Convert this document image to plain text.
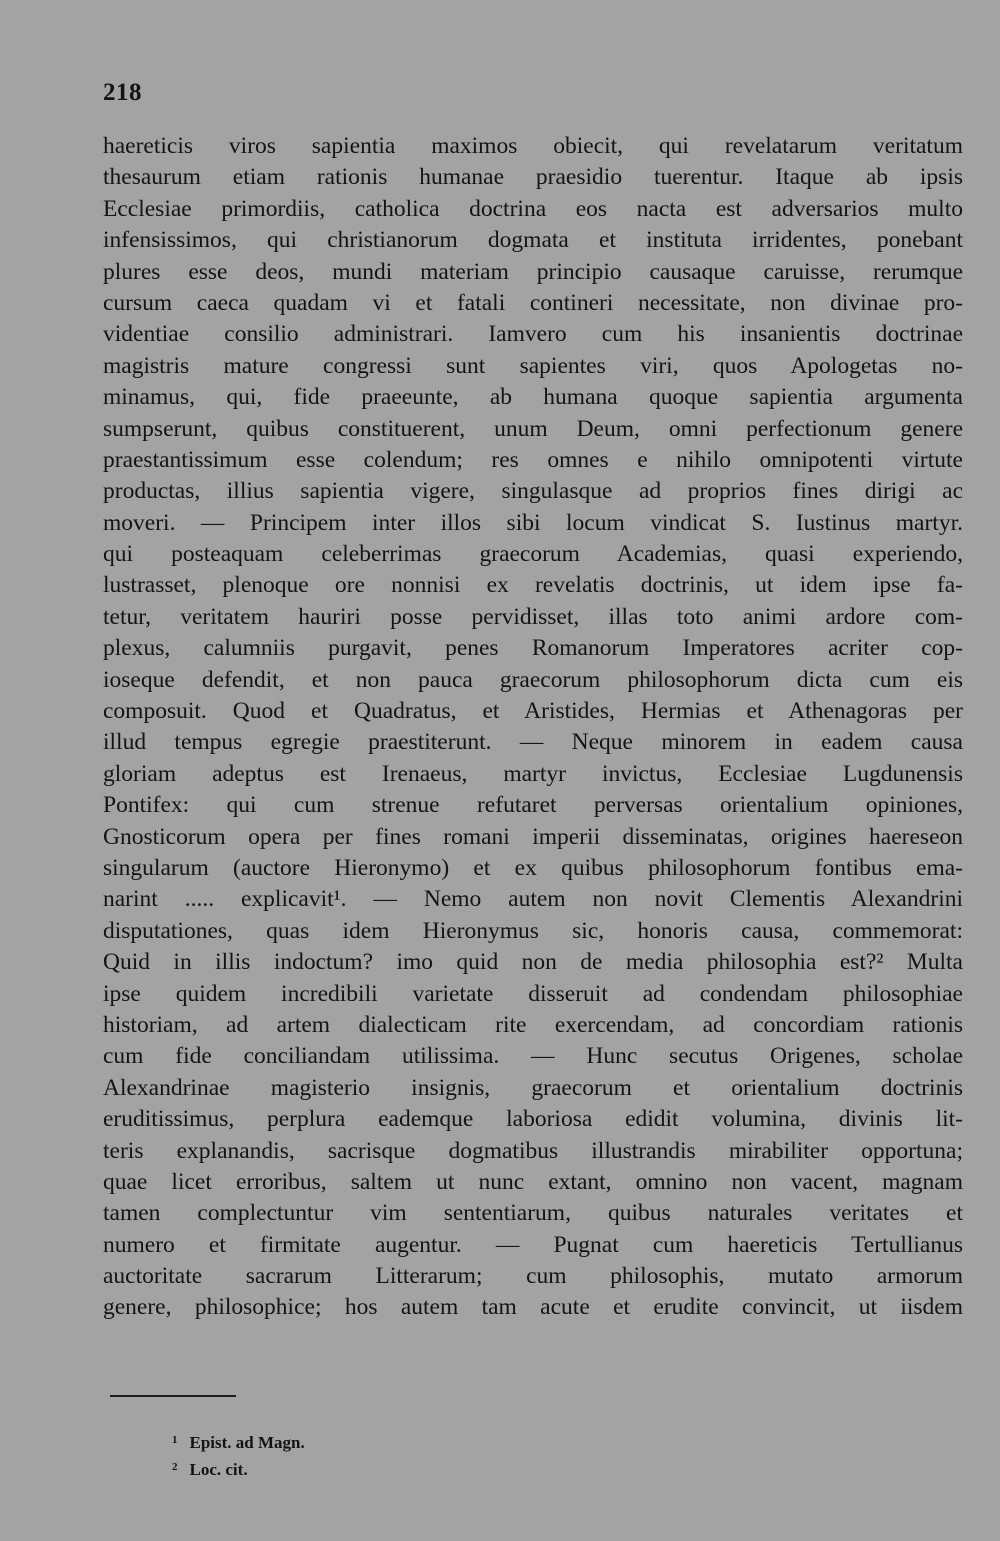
218
haereticis viros sapientia maximos obiecit, qui revelatarum veritatum
thesaurum etiam rationis humanae praesidio tuerentur. Itaque ab ipsis
Ecclesiae primordiis, catholica doctrina eos nacta est adversarios multo
infensissimos, qui christianorum dogmata et instituta irridentes, ponebant
plures esse deos, mundi materiam principio causaque caruisse, rerumque
cursum caeca quadam vi et fatali contineri necessitate, non divinae pro-
videntiae consilio administrari. Iamvero cum his insanientis doctrinae
magistris mature congressi sunt sapientes viri, quos Apologetas no-
minamus, qui, fide praeeunte, ab humana quoque sapientia argumenta
sumpserunt, quibus constituerent, unum Deum, omni perfectionum genere
praestantissimum esse colendum; res omnes e nihilo omnipotenti virtute
productas, illius sapientia vigere, singulasque ad proprios fines dirigi ac
moveri. — Principem inter illos sibi locum vindicat S. Iustinus martyr.
qui posteaquam celeberrimas graecorum Academias, quasi experiendo,
lustrasset, plenoque ore nonnisi ex revelatis doctrinis, ut idem ipse fa-
tetur, veritatem hauriri posse pervidisset, illas toto animi ardore com-
plexus, calumniis purgavit, penes Romanorum Imperatores acriter cop-
ioseque defendit, et non pauca graecorum philosophorum dicta cum eis
composuit. Quod et Quadratus, et Aristides, Hermias et Athenagoras per
illud tempus egregie praestiterunt. — Neque minorem in eadem causa
gloriam adeptus est Irenaeus, martyr invictus, Ecclesiae Lugdunensis
Pontifex: qui cum strenue refutaret perversas orientalium opiniones,
Gnosticorum opera per fines romani imperii disseminatas, origines haereseon
singularum (auctore Hieronymo) et ex quibus philosophorum fontibus ema-
narint ..... explicavit¹. — Nemo autem non novit Clementis Alexandrini
disputationes, quas idem Hieronymus sic, honoris causa, commemorat:
Quid in illis indoctum? imo quid non de media philosophia est?² Multa
ipse quidem incredibili varietate disseruit ad condendam philosophiae
historiam, ad artem dialecticam rite exercendam, ad concordiam rationis
cum fide conciliandam utilissima. — Hunc secutus Origenes, scholae
Alexandrinae magisterio insignis, graecorum et orientalium doctrinis
eruditissimus, perplura eademque laboriosa edidit volumina, divinis lit-
teris explanandis, sacrisque dogmatibus illustrandis mirabiliter opportuna;
quae licet erroribus, saltem ut nunc extant, omnino non vacent, magnam
tamen complectuntur vim sententiarum, quibus naturales veritates et
numero et firmitate augentur. — Pugnat cum haereticis Tertullianus
auctoritate sacrarum Litterarum; cum philosophis, mutato armorum
genere, philosophice; hos autem tam acute et erudite convincit, ut iisdem
$^1$ Epist. ad Magn.
$^2$ Loc. cit.
